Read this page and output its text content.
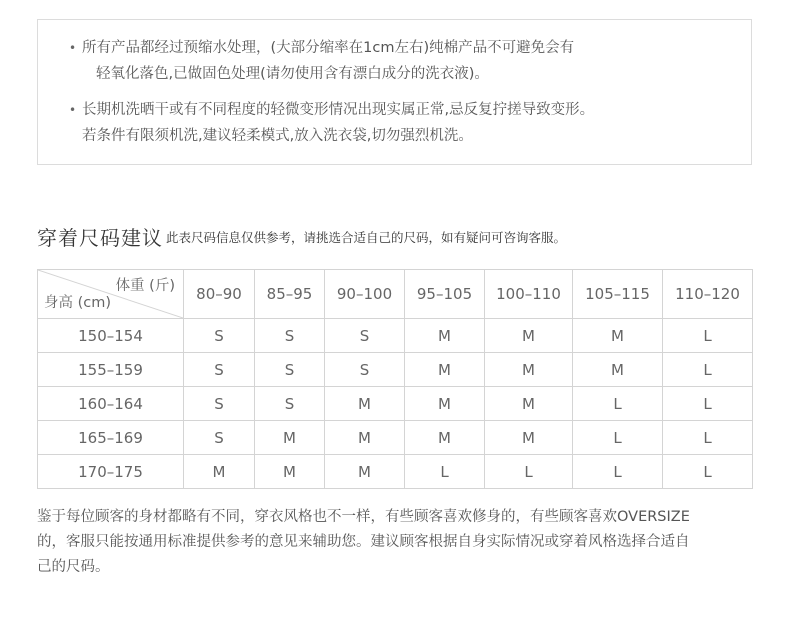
• 所有产品都经过预缩水处理，(大部分缩率在1cm左右)纯棉产品不可避免会有
轻氧化落色,已做固色处理(请勿使用含有漂白成分的洗衣液)。
• 长期机洗晒干或有不同程度的轻微变形情况出现实属正常,忌反复拧搓导致变形。
若条件有限须机洗,建议轻柔模式,放入洗衣袋,切勿强烈机洗。
穿着尺码建议 此表尺码信息仅供参考，请挑选合适自己的尺码，如有疑问可咨询客服。
体重 (斤)
身高 (cm)	80–90	85–95	90–100	95–105	100–110	105–115	110–120
150–154	S	S	S	M	M	M	L
155–159	S	S	S	M	M	M	L
160–164	S	S	M	M	M	L	L
165–169	S	M	M	M	M	L	L
170–175	M	M	M	L	L	L	L
鉴于每位顾客的身材都略有不同，穿衣风格也不一样，有些顾客喜欢修身的，有些顾客喜欢OVERSIZE
的，客服只能按通用标准提供参考的意见来辅助您。建议顾客根据自身实际情况或穿着风格选择合适自
己的尺码。
